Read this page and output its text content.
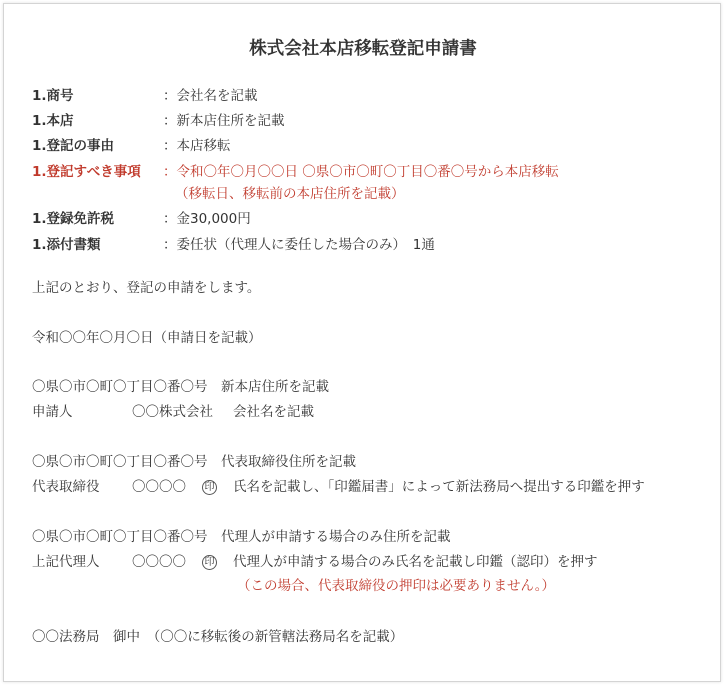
株式会社本店移転登記申請書
1.商号	：会社名を記載
1.本店	：新本店住所を記載
1.登記の事由	：本店移転
1.登記すべき事項 ：令和〇年〇月〇〇日 〇県〇市〇町〇丁目〇番〇号から本店移転
（移転日、移転前の本店住所を記載）
1.登録免許税	：金30,000円
1.添付書類	：委任状（代理人に委任した場合のみ）　1通
上記のとおり、登記の申請をします。
令和〇〇年〇月〇日（申請日を記載）
〇県〇市〇町〇丁目〇番〇号　新本店住所を記載
申請人	〇〇株式会社 会社名を記載
〇県〇市〇町〇丁目〇番〇号　代表取締役住所を記載
代表取締役 〇〇〇〇 印 氏名を記載し、「印鑑届書」によって新法務局へ提出する印鑑を押す
〇県〇市〇町〇丁目〇番〇号　代理人が申請する場合のみ住所を記載
上記代理人 〇〇〇〇 印 代理人が申請する場合のみ氏名を記載し印鑑（認印）を押す
（この場合、代表取締役の押印は必要ありません。）
〇〇法務局　御中　（〇〇に移転後の新管轄法務局名を記載）
